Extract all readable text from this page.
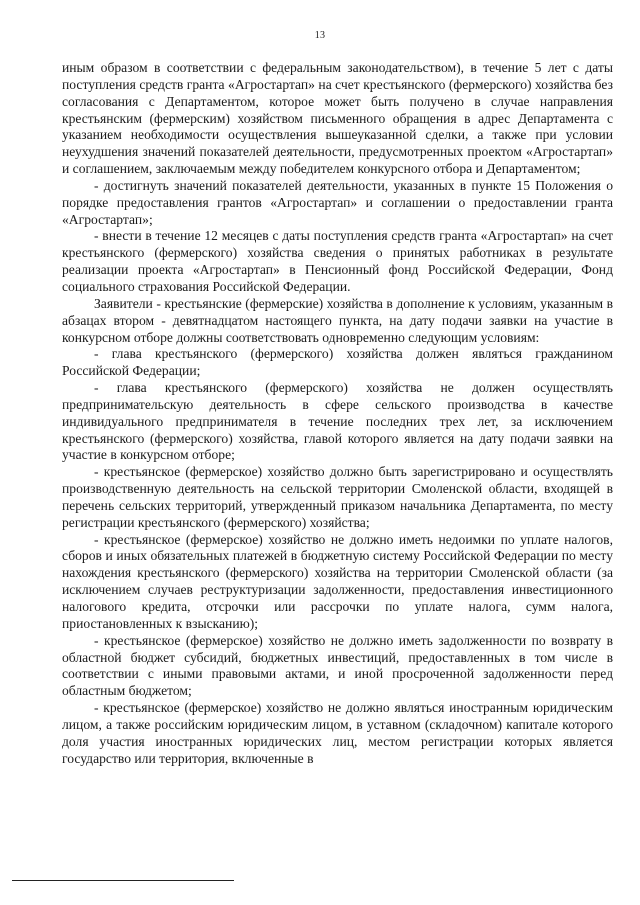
13

иным образом в соответствии с федеральным законодательством), в течение 5 лет с даты поступления средств гранта «Агростартап» на счет крестьянского (фермерского) хозяйства без согласования с Департаментом, которое может быть получено в случае направления крестьянским (фермерским) хозяйством письменного обращения в адрес Департамента с указанием необходимости осуществления вышеуказанной сделки, а также при условии неухудшения значений показателей деятельности, предусмотренных проектом «Агростартап» и соглашением, заключаемым между победителем конкурсного отбора и Департаментом;

- достигнуть значений показателей деятельности, указанных в пункте 15 Положения о порядке предоставления грантов «Агростартап» и соглашении о предоставлении гранта «Агростартап»;

- внести в течение 12 месяцев с даты поступления средств гранта «Агростартап» на счет крестьянского (фермерского) хозяйства сведения о принятых работниках в результате реализации проекта «Агростартап» в Пенсионный фонд Российской Федерации, Фонд социального страхования Российской Федерации.

Заявители - крестьянские (фермерские) хозяйства в дополнение к условиям, указанным в абзацах втором - девятнадцатом настоящего пункта, на дату подачи заявки на участие в конкурсном отборе должны соответствовать одновременно следующим условиям:

- глава крестьянского (фермерского) хозяйства должен являться гражданином Российской Федерации;

- глава крестьянского (фермерского) хозяйства не должен осуществлять предпринимательскую деятельность в сфере сельского производства в качестве индивидуального предпринимателя в течение последних трех лет, за исключением крестьянского (фермерского) хозяйства, главой которого является на дату подачи заявки на участие в конкурсном отборе;

- крестьянское (фермерское) хозяйство должно быть зарегистрировано и осуществлять производственную деятельность на сельской территории Смоленской области, входящей в перечень сельских территорий, утвержденный приказом начальника Департамента, по месту регистрации крестьянского (фермерского) хозяйства;

- крестьянское (фермерское) хозяйство не должно иметь недоимки по уплате налогов, сборов и иных обязательных платежей в бюджетную систему Российской Федерации по месту нахождения крестьянского (фермерского) хозяйства на территории Смоленской области (за исключением случаев реструктуризации задолженности, предоставления инвестиционного налогового кредита, отсрочки или рассрочки по уплате налога, сумм налога, приостановленных к взысканию);

- крестьянское (фермерское) хозяйство не должно иметь задолженности по возврату в областной бюджет субсидий, бюджетных инвестиций, предоставленных в том числе в соответствии с иными правовыми актами, и иной просроченной задолженности перед областным бюджетом;

- крестьянское (фермерское) хозяйство не должно являться иностранным юридическим лицом, а также российским юридическим лицом, в уставном (складочном) капитале которого доля участия иностранных юридических лиц, местом регистрации которых является государство или территория, включенные в
